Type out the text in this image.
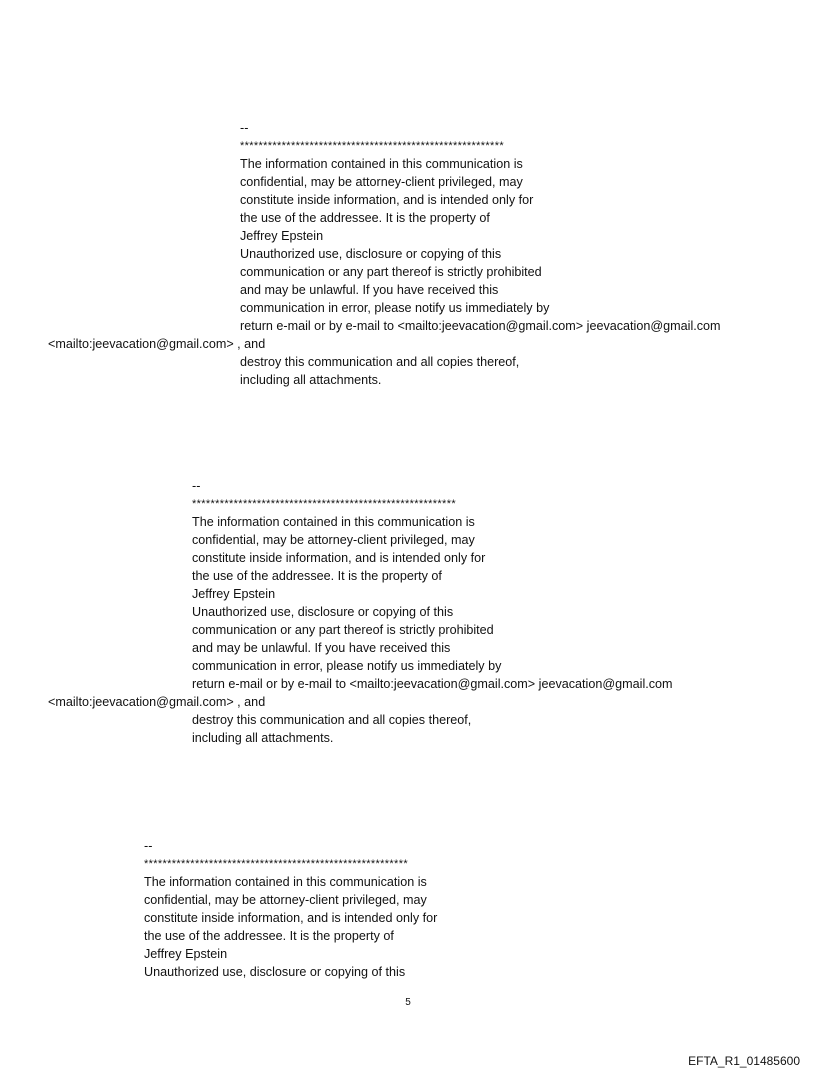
--
*********************************************************
The information contained in this communication is
confidential, may be attorney-client privileged, may
constitute inside information, and is intended only for
the use of the addressee. It is the property of
Jeffrey Epstein
Unauthorized use, disclosure or copying of this
communication or any part thereof is strictly prohibited
and may be unlawful. If you have received this
communication in error, please notify us immediately by
return e-mail or by e-mail to <mailto:jeevacation@gmail.com> jeevacation@gmail.com
<mailto:jeevacation@gmail.com> , and
destroy this communication and all copies thereof,
including all attachments.
--
*********************************************************
The information contained in this communication is
confidential, may be attorney-client privileged, may
constitute inside information, and is intended only for
the use of the addressee. It is the property of
Jeffrey Epstein
Unauthorized use, disclosure or copying of this
communication or any part thereof is strictly prohibited
and may be unlawful. If you have received this
communication in error, please notify us immediately by
return e-mail or by e-mail to <mailto:jeevacation@gmail.com> jeevacation@gmail.com
<mailto:jeevacation@gmail.com> , and
destroy this communication and all copies thereof,
including all attachments.
--
*********************************************************
The information contained in this communication is
confidential, may be attorney-client privileged, may
constitute inside information, and is intended only for
the use of the addressee. It is the property of
Jeffrey Epstein
Unauthorized use, disclosure or copying of this
5
EFTA_R1_01485600
